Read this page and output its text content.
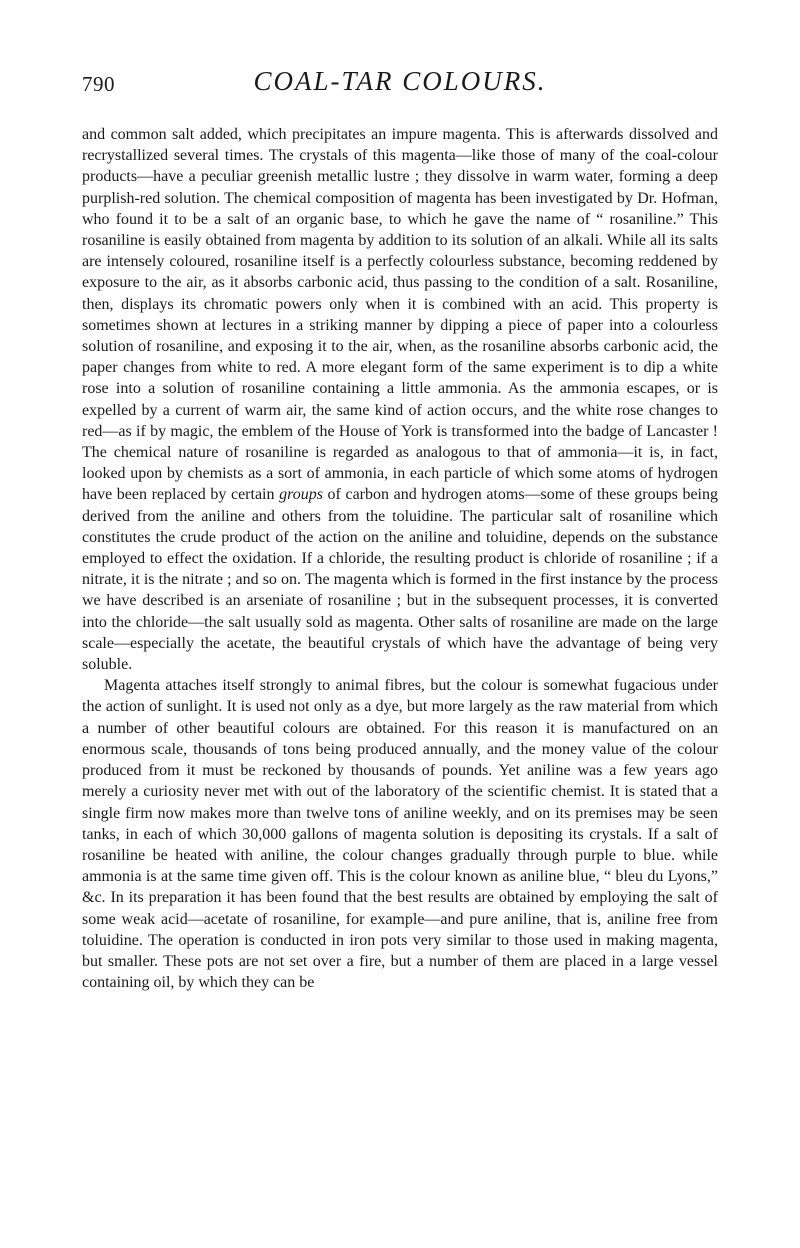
790	COAL-TAR COLOURS.

and common salt added, which precipitates an impure magenta. This is afterwards dissolved and recrystallized several times. The crystals of this magenta—like those of many of the coal-colour products—have a peculiar greenish metallic lustre ; they dissolve in warm water, forming a deep purplish-red solution. The chemical composition of magenta has been investigated by Dr. Hofman, who found it to be a salt of an organic base, to which he gave the name of “ rosaniline.” This rosaniline is easily obtained from magenta by addition to its solution of an alkali. While all its salts are intensely coloured, rosaniline itself is a perfectly colourless substance, becoming reddened by exposure to the air, as it absorbs carbonic acid, thus passing to the condition of a salt. Rosaniline, then, displays its chromatic powers only when it is combined with an acid. This property is sometimes shown at lectures in a striking manner by dipping a piece of paper into a colourless solution of rosaniline, and exposing it to the air, when, as the rosaniline absorbs carbonic acid, the paper changes from white to red. A more elegant form of the same experiment is to dip a white rose into a solution of rosaniline containing a little ammonia. As the ammonia escapes, or is expelled by a current of warm air, the same kind of action occurs, and the white rose changes to red—as if by magic, the emblem of the House of York is transformed into the badge of Lancaster ! The chemical nature of rosaniline is regarded as analogous to that of ammonia—it is, in fact, looked upon by chemists as a sort of ammonia, in each particle of which some atoms of hydrogen have been replaced by certain groups of carbon and hydrogen atoms—some of these groups being derived from the aniline and others from the toluidine. The particular salt of rosaniline which constitutes the crude product of the action on the aniline and toluidine, depends on the substance employed to effect the oxidation. If a chloride, the resulting product is chloride of rosaniline ; if a nitrate, it is the nitrate ; and so on. The magenta which is formed in the first instance by the process we have described is an arseniate of rosaniline ; but in the subsequent processes, it is converted into the chloride—the salt usually sold as magenta. Other salts of rosaniline are made on the large scale—especially the acetate, the beautiful crystals of which have the advantage of being very soluble.

Magenta attaches itself strongly to animal fibres, but the colour is somewhat fugacious under the action of sunlight. It is used not only as a dye, but more largely as the raw material from which a number of other beautiful colours are obtained. For this reason it is manufactured on an enormous scale, thousands of tons being produced annually, and the money value of the colour produced from it must be reckoned by thousands of pounds. Yet aniline was a few years ago merely a curiosity never met with out of the laboratory of the scientific chemist. It is stated that a single firm now makes more than twelve tons of aniline weekly, and on its premises may be seen tanks, in each of which 30,000 gallons of magenta solution is depositing its crystals. If a salt of rosaniline be heated with aniline, the colour changes gradually through purple to blue. while ammonia is at the same time given off. This is the colour known as aniline blue, “ bleu du Lyons,” &c. In its preparation it has been found that the best results are obtained by employing the salt of some weak acid—acetate of rosaniline, for example—and pure aniline, that is, aniline free from toluidine. The operation is conducted in iron pots very similar to those used in making magenta, but smaller. These pots are not set over a fire, but a number of them are placed in a large vessel containing oil, by which they can be
